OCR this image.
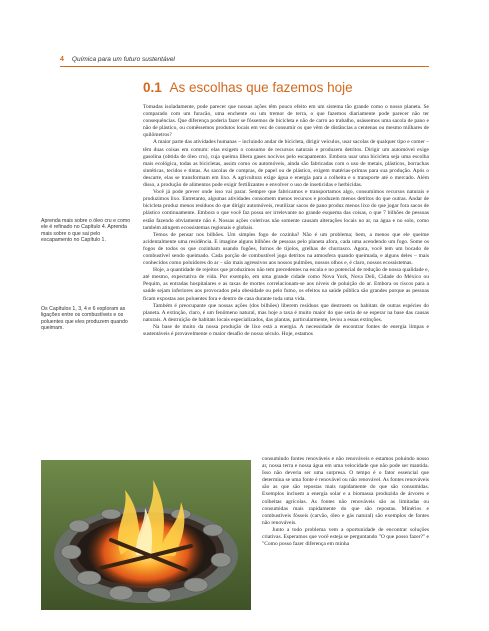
4 Química para um futuro sustentável
0.1 As escolhas que fazemos hoje

Tomadas isoladamente, pode parecer que nossas ações têm pouco efeito em um sistema tão grande como o nosso planeta. Se comparado com um furacão, uma enchente ou um tremor de terra, o que fazemos diariamente pode parecer não ter consequências. Que diferença poderia fazer se fôssemos de bicicleta e não de carro ao trabalho, usássemos uma sacola de pano e não de plástico, ou comêssemos produtos locais em vez de consumir os que vêm de distâncias a centenas ou mesmo milhares de quilômetros?

A maior parte das atividades humanas – incluindo andar de bicicleta, dirigir veículos, usar sacolas de qualquer tipo e comer – têm duas coisas em comum: elas exigem o consumo de recursos naturais e produzem detritos. Dirigir um automóvel exige gasolina (obtida de óleo cru), cuja queima libera gases nocivos pelo escapamento. Embora usar uma bicicleta seja uma escolha mais ecológica, todas as bicicletas, assim como os automóveis, ainda são fabricadas com o uso de metais, plásticos, borrachas sintéticas, tecidos e tintas. As sacolas de compras, de papel ou de plástico, exigem matérias-primas para sua produção. Após o descarte, elas se transformam em lixo. A agricultura exige água e energia para a colheita e o transporte até o mercado. Além disso, a produção de alimentos pode exigir fertilizantes e envolver o uso de inseticidas e herbicidas.

Você já pode prever onde isso vai parar. Sempre que fabricamos e transportamos algo, consumimos recursos naturais e produzimos lixo. Entretanto, algumas atividades consomem menos recursos e produzem menos detritos do que outras. Andar de bicicleta produz menos resíduos do que dirigir automóveis, reutilizar sacos de pano produz menos lixo do que jogar fora sacos de plástico continuamente. Embora o que você faz possa ser irrelevante no grande esquema das coisas, o que 7 bilhões de pessoas estão fazendo obviamente não é. Nossas ações coletivas não somente causam alterações locais no ar, na água e no solo, como também atingem ecossistemas regionais e globais.

Temos de pensar nos bilhões. Um simples fogo de cozinha? Não é um problema; bem, a menos que ele queime acidentalmente uma residência. E imagine alguns bilhões de pessoas pelo planeta afora, cada uma acendendo um fogo. Some os fogos de todos os que cozinham usando fogões, fornos de tijolos, grelhas de churrasco. Agora, você tem um bocado de combustível sendo queimado. Cada porção de combustível joga detritos na atmosfera quando queimada, e alguns deles – mais conhecidos como poluidores do ar – são mais agressivos aos nossos pulmões, nossos olhos e, é claro, nossos ecossistemas.

Hoje, a quantidade de rejeitos que produzimos não tem precedentes na escala e no potencial de redução de nossa qualidade e, até mesmo, expectativa de vida. Por exemplo, em uma grande cidade como Nova York, Nova Deli, Cidade do México ou Pequim, as entradas hospitalares e as taxas de mortes correlacionam-se aos níveis de poluição do ar. Embora os riscos para a saúde sejam inferiores aos provocados pela obesidade ou pelo fumo, os efeitos na saúde pública são grandes porque as pessoas ficam expostas aos poluentes fora e dentro de casa durante toda uma vida.

Também é preocupante que nossas ações (dos bilhões) liberem resíduos que destroem os habitats de outras espécies do planeta. A extinção, claro, é um fenômeno natural, mas hoje a taxa é muito maior do que seria de se esperar na base das causas naturais. A destruição de habitats locais especializados, das plantas, particularmente, levou a essas extinções.

Na base de muito da nossa produção de lixo está a energia. A necessidade de encontrar fontes de energia limpas e sustentáveis é provavelmente o maior desafio de nosso século. Hoje, estamos

Aprenda mais sobre o óleo cru e como ele é refinado no Capítulo 4. Aprenda mais sobre o que sai pelo escapamento no Capítulo 1.
Os Capítulos 1, 3, 4 e 6 exploram as ligações entre os combustíveis e os poluentes que eles produzem quando queimam.

consumindo fontes renováveis e não renováveis e estamos poluindo nosso ar, nossa terra e nossa água em uma velocidade que não pode ser mantida. Isso não deveria ser uma surpresa. O tempo é o fator essencial que determina se uma fonte é renovável ou não renovável. As fontes renováveis são as que são repostas mais rapidamente do que são consumidas. Exemplos incluem a energia solar e a biomassa produzida de árvores e colheitas agrícolas. As fontes não renováveis são as limitadas ou consumidas mais rapidamente do que são repostas. Minérios e combustíveis fósseis (carvão, óleo e gás natural) são exemplos de fontes não renováveis.

Junto a todo problema vem a oportunidade de encontrar soluções criativas. Esperamos que você esteja se perguntando "O que posso fazer?" e "Como posso fazer diferença em minha
